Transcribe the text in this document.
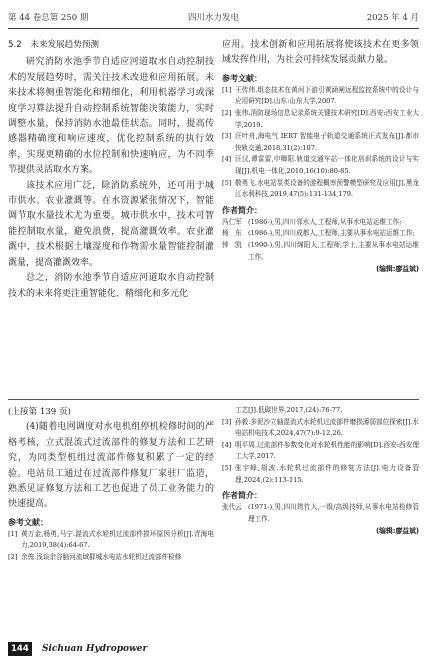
第 44 卷总第 250 期	四川水力发电	2025 年 4 月
5.2　未来发展趋势预测

研究消防水池季节自适应河道取水自动控制技术的发展趋势时，需关注技术改进和应用拓展。未来技术将侧重智能化和精细化，利用机器学习或深度学习算法提升自动控制系统智能决策能力，实时调整水量，保持消防水池最佳状态。同时，提高传感器精确度和响应速度，优化控制系统的执行效率，实现更精确的水位控制和快速响应，为不同季节提供灵活取水方案。

该技术应用广泛，除消防系统外，还可用于城市供水、农业灌溉等。在水资源紧张情况下，智能调节取水量技术尤为重要。城市供水中，技术可智能控制取水量，避免浪费，提高灌溉效率。农业灌溉中，技术根据土壤湿度和作物需水量智能控制灌溉量，提高灌溉效率。

总之，消防水池季节自适应河道取水自动控制技术的未来将更注重智能化、精细化和多元化

应用。技术创新和应用拓展将使该技术在更多领域发挥作用，为社会可持续发展贡献力量。

参考文献：
[1] 王传伟.组态技术在黄河下游引黄涵闸远程监控系统中的设计与应用研究[D].山东:山东大学,2007.
[2] 张伟.消防现场信息记录系统关键技术研究[D].西安:西安工业大学,2019.
[3] 汪叶舟,海电气 IERT 智能电子轨道交通系统正式发布[J].都市快轨交通,2018,31(2):107.
[4] 汪汉,谭雷雷,申卿阳.轨道交通车站一体化培训系统的设计与实现[J].机电一体化,2010,16(10):80-85.
[5] 敬勇飞.水电站泵类设备的游程概率预警模型研究及应用[J].黑龙江水利科技,2019,47(5):131-134,179.
作者简介：
冯仁军 (1986-),男,四川邻水人,工程师,从事水电站运维工作;
杨　东 (1986-),男,四川成都人,工程师,主要从事水电站运维工作;
钟　凯 (1990-),男,四川绵阳人,工程师,学士,主要从事水电站运维工作。
(编辑:廖益斌)
(上接第 139 页)

(4)随着电网调度对水电机组停机检修时间的严格考核，立式混流式过流部件的修复方法和工艺研究，为同类型机组过流部件修复积累了一定的经验。电站员工通过在过流部件修复厂家驻厂监造，熟悉见证修复方法和工艺也促进了员工业务能力的快速提高。

参考文献：
[1] 黄万金,杨勇,马宁.混流式水轮机过流部件损坏原因分析[J].青海电力,2019,38(4):64-67.
[2] 余俊.浅谈余谷脑河流域群城水电站水轮机过流部件检修
工艺[J].低碳世界,2017,(24):76-77.
[3] 孙毅.多泥沙立轴混流式水轮机过流部件磨损薄弱部位探索[J].水电站机电技术,2024,47(7):9-12,26.
[4] 明平周.过流部件参数变化对水轮机性能的影响[D].西安:西安理工大学,2017.
[5] 张宇峰,胡波.水轮机过流部件的修复方法[J].电力设备管理,2024,(2):113-115.
作者简介：
张代云 (1971-),男,四川筠竹人,一级/高级技师,从事水电站检修管理工作.
(编辑:廖益斌)
144	Sichuan Hydropower
